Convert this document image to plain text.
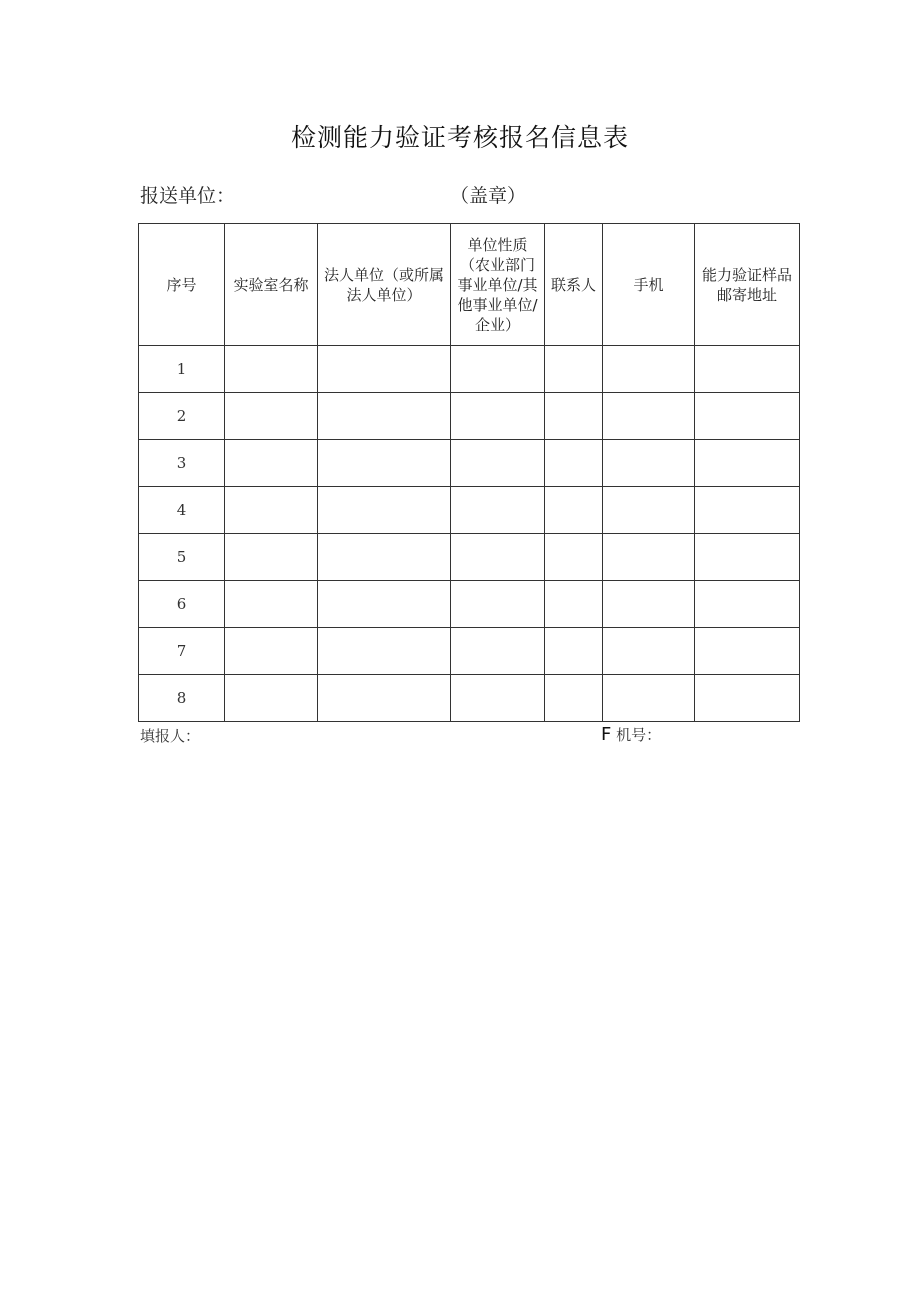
检测能力验证考核报名信息表
报送单位：	（盖章）
序号	实验室名称	法人单位（或所属法人单位）	单位性质（农业部门事业单位/其他事业单位/企业）	联系人	手机	能力验证样品邮寄地址
1						
2						
3						
4						
5						
6						
7						
8						
填报人：	F 机号：
